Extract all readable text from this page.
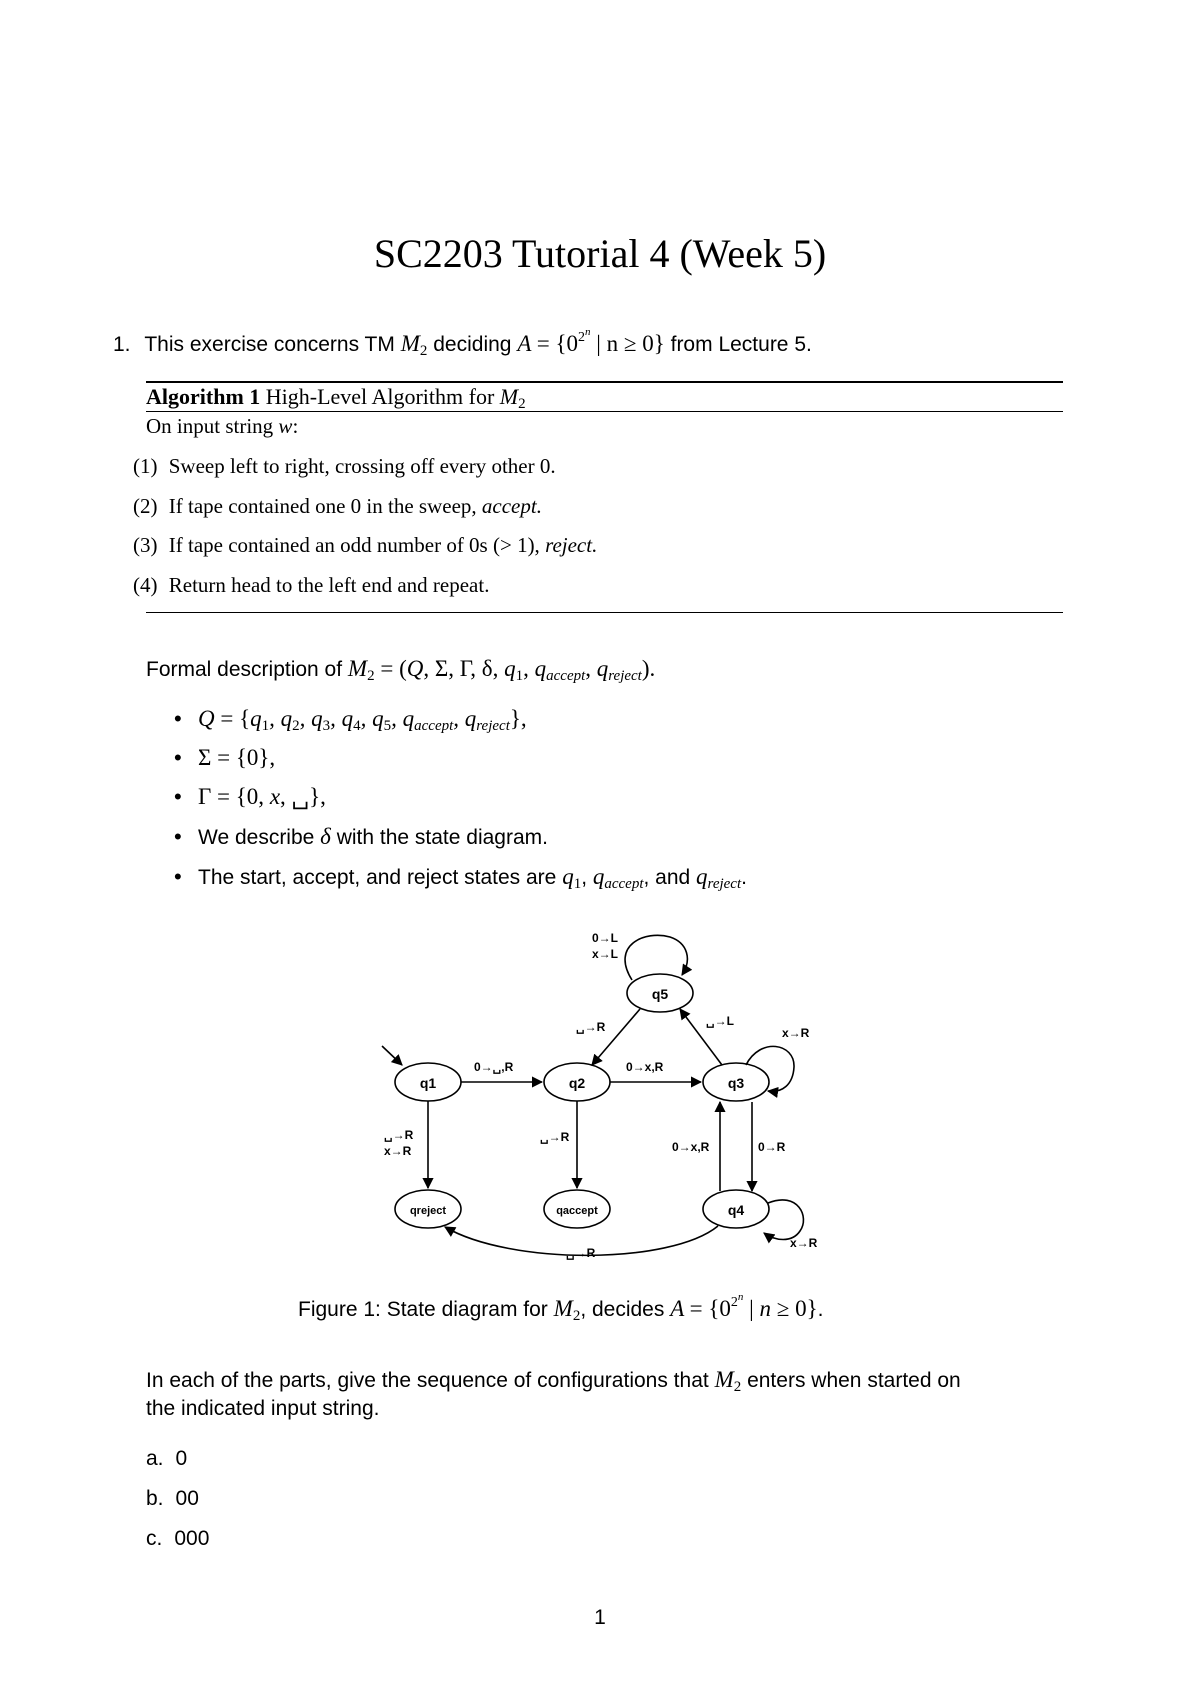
SC2203 Tutorial 4 (Week 5)
1. This exercise concerns TM $M_2$ deciding $A = \{0^{2n}$ | n ≥ 0} from Lecture 5.
Algorithm 1 High-Level Algorithm for $M_2$
On input string w:
(1) Sweep left to right, crossing off every other 0.
(2) If tape contained one 0 in the sweep, accept.
(3) If tape contained an odd number of 0s (> 1), reject.
(4) Return head to the left end and repeat.
Formal description of $M_2 = (Q$, Σ, Γ, δ, $q_1$, qaccept, qreject).
• $Q = \{q_1$, $q_2$, $q_3$, $q_4$, $q_5$, qaccept, qreject},
• Σ = {0},
• Γ = {0, x, ␣},
• We describe δ with the state diagram.
• The start, accept, and reject states are $q_1$, qaccept, and qreject.
q1	q2	q3
q5
qreject	qaccept	q4
0→L
x→L
␣→R	␣→L
x→R
0→␣,R	0→x,R
␣→R
x→R
␣→R
0→x,R	0→R
x→R
␣→R
Figure 1: State diagram for $M_2$, decides $A = \{0^{2n}$ | n ≥ 0}.
In each of the parts, give the sequence of configurations that $M_2$ enters when started on
the indicated input string.
a. 0
b. 00
c. 000
1
